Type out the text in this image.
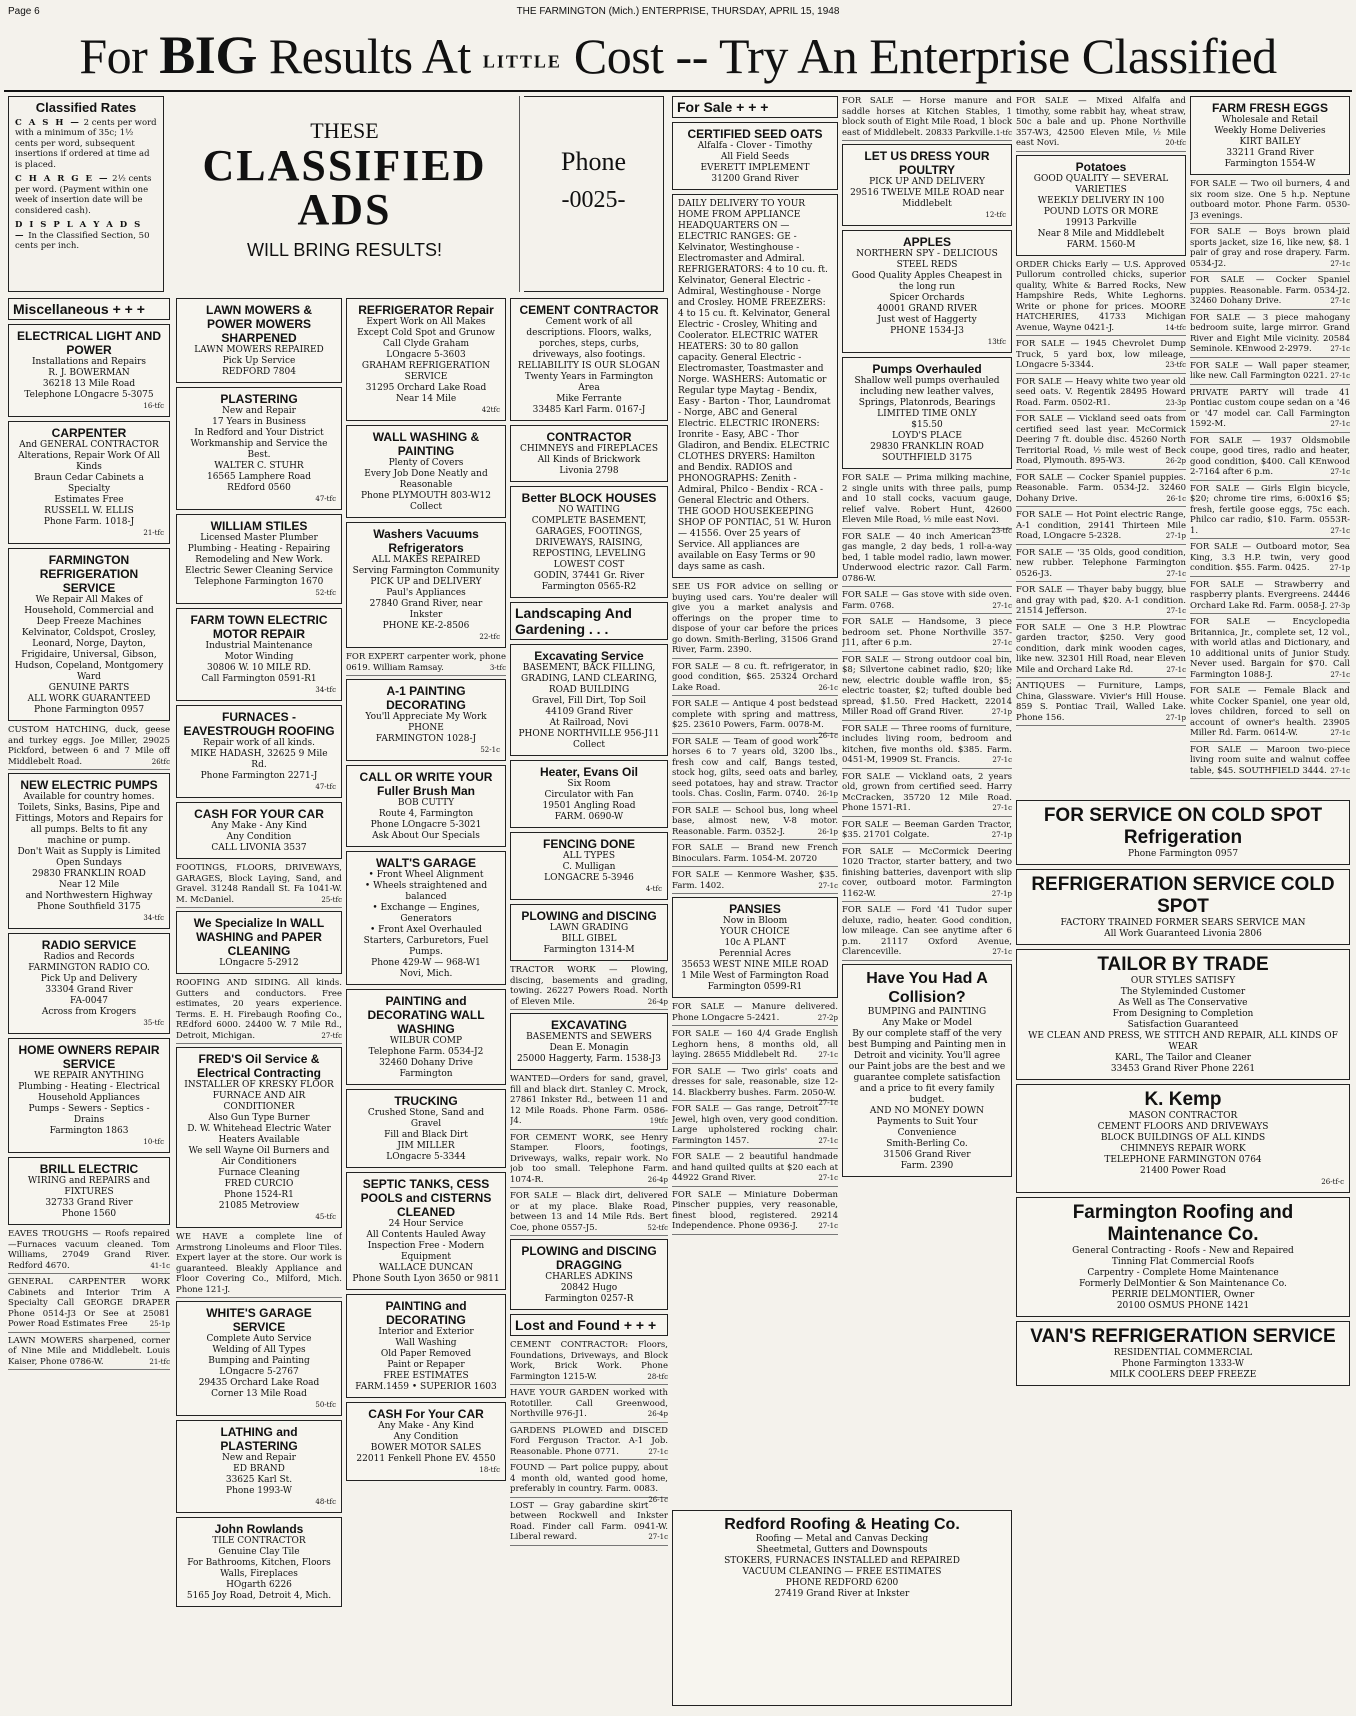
Page 6	THE FARMINGTON (Mich.) ENTERPRISE, THURSDAY, APRIL 15, 1948
For BIG Results At LITTLE Cost -- Try An Enterprise Classified
Classified Rates
C A S H — 2 cents per word with a minimum of 35c; 1½ cents per word, subsequent insertions if ordered at time ad is placed.
C H A R G E — 2½ cents per word. (Payment within one week of insertion date will be considered cash).
D I S P L A Y A D S — In the Classified Section, 50 cents per inch.
THESE
CLASSIFIED
ADS
WILL BRING RESULTS!
Phone
-0025-
Miscellaneous + + +
ELECTRICAL LIGHT AND POWER
Installations and Repairs
R. J. BOWERMAN
36218 13 Mile Road
Telephone LOngacre 5-3075
16-tfc
CARPENTER
And GENERAL CONTRACTOR
Alterations, Repair Work Of All Kinds
Braun Cedar Cabinets a Specialty
Estimates Free
RUSSELL W. ELLIS
Phone Farm. 1018-J
21-tfc
FARMINGTON REFRIGERATION SERVICE
We Repair All Makes of Household, Commercial and Deep Freeze Machines
Kelvinator, Coldspot, Crosley, Leonard, Norge, Dayton, Frigidaire, Universal, Gibson, Hudson, Copeland, Montgomery Ward
GENUINE PARTS
ALL WORK GUARANTEED
Phone Farmington 0957
CUSTOM HATCHING, duck, geese and turkey eggs. Joe Miller, 29025 Pickford, between 6 and 7 Mile off Middlebelt Road.	26tfc
NEW ELECTRIC PUMPS
Available for country homes. Toilets, Sinks, Basins, Pipe and Fittings, Motors and Repairs for all pumps. Belts to fit any machine or pump.
Don't Wait as Supply is Limited
Open Sundays
29830 FRANKLIN ROAD
Near 12 Mile
and Northwestern Highway
Phone Southfield 3175
34-tfc
RADIO SERVICE
Radios and Records
FARMINGTON RADIO CO.
Pick Up and Delivery
33304 Grand River
FA-0047
Across from Krogers
35-tfc
HOME OWNERS REPAIR SERVICE
WE REPAIR ANYTHING
Plumbing - Heating - Electrical
Household Appliances
Pumps - Sewers - Septics - Drains
Farmington 1863
10-tfc
BRILL ELECTRIC
WIRING and REPAIRS and FIXTURES
32733 Grand River
Phone 1560
EAVES TROUGHS — Roofs repaired—Furnaces vacuum cleaned. Tom Williams, 27049 Grand River. Redford 4670.	41-1c
GENERAL CARPENTER WORK Cabinets and Interior Trim A Specialty Call GEORGE DRAPER Phone 0514-J3 Or See at 25081 Power Road Estimates Free	25-1p
LAWN MOWERS sharpened, corner of Nine Mile and Middlebelt. Louis Kaiser, Phone 0786-W.	21-tfc
LAWN MOWERS & POWER MOWERS SHARPENED
LAWN MOWERS REPAIRED
Pick Up Service
REDFORD 7804
PLASTERING
New and Repair
17 Years in Business
In Redford and Your District
Workmanship and Service the Best.
WALTER C. STUHR
16565 Lamphere Road
REdford 0560
47-tfc
WILLIAM STILES
Licensed Master Plumber
Plumbing - Heating - Repairing
Remodeling and New Work.
Electric Sewer Cleaning Service
Telephone Farmington 1670
52-tfc
FARM TOWN ELECTRIC MOTOR REPAIR
Industrial Maintenance
Motor Winding
30806 W. 10 MILE RD.
Call Farmington 0591-R1
34-tfc
FURNACES - EAVESTROUGH ROOFING
Repair work of all kinds.
MIKE HADASH, 32625 9 Mile Rd.
Phone Farmington 2271-J
47-tfc
CASH FOR YOUR CAR
Any Make - Any Kind
Any Condition
CALL LIVONIA 3537
FOOTINGS, FLOORS, DRIVEWAYS, GARAGES, Block Laying, Sand, and Gravel. 31248 Randall St. Fa 1041-W. M. McDaniel.	25-tfc
We Specialize In WALL WASHING and PAPER CLEANING
LOngacre 5-2912
ROOFING AND SIDING. All kinds. Gutters and conductors. Free estimates, 20 years experience. Terms. E. H. Firebaugh Roofing Co., REdford 6000. 24400 W. 7 Mile Rd., Detroit, Michigan.	27-tfc
FRED'S Oil Service & Electrical Contracting
INSTALLER OF KRESKY FLOOR FURNACE AND AIR CONDITIONER
Also Gun Type Burner
D. W. Whitehead Electric Water Heaters Available
We sell Wayne Oil Burners and Air Conditioners
Furnace Cleaning
FRED CURCIO
Phone 1524-R1
21085 Metroview
45-tfc
WE HAVE a complete line of Armstrong Linoleums and Floor Tiles. Expert layer at the store. Our work is guaranteed. Bleakly Appliance and Floor Covering Co., Milford, Mich. Phone 121-J.
WHITE'S GARAGE SERVICE
Complete Auto Service
Welding of All Types
Bumping and Painting
LOngacre 5-2767
29435 Orchard Lake Road
Corner 13 Mile Road
50-tfc
LATHING and PLASTERING
New and Repair
ED BRAND
33625 Karl St.
Phone 1993-W
48-tfc
John Rowlands
TILE CONTRACTOR
Genuine Clay Tile
For Bathrooms, Kitchen, Floors Walls, Fireplaces
HOgarth 6226
5165 Joy Road, Detroit 4, Mich.
REFRIGERATOR Repair
Expert Work on All Makes
Except Cold Spot and Grunow
Call Clyde Graham
LOngacre 5-3603
GRAHAM REFRIGERATION SERVICE
31295 Orchard Lake Road
Near 14 Mile
42tfc
WALL WASHING & PAINTING
Plenty of Covers
Every Job Done Neatly and Reasonable
Phone PLYMOUTH 803-W12
Collect
Washers Vacuums Refrigerators
ALL MAKES REPAIRED
Serving Farmington Community
PICK UP and DELIVERY
Paul's Appliances
27840 Grand River, near Inkster
PHONE KE-2-8506
22-tfc
FOR EXPERT carpenter work, phone 0619. William Ramsay.	3-tfc
A-1 PAINTING DECORATING
You'll Appreciate My Work
PHONE
FARMINGTON 1028-J
52-1c
CALL OR WRITE YOUR Fuller Brush Man
BOB CUTTY
Route 4, Farmington
Phone LOngacre 5-3021
Ask About Our Specials
WALT'S GARAGE
• Front Wheel Alignment
• Wheels straightened and balanced
• Exchange — Engines, Generators
• Front Axel Overhauled Starters, Carburetors, Fuel Pumps.
Phone 429-W — 968-W1
Novi, Mich.
PAINTING and DECORATING WALL WASHING
WILBUR COMP
Telephone Farm. 0534-J2
32460 Dohany Drive
Farmington
TRUCKING
Crushed Stone, Sand and Gravel
Fill and Black Dirt
JIM MILLER
LOngacre 5-3344
SEPTIC TANKS, CESS POOLS and CISTERNS CLEANED
24 Hour Service
All Contents Hauled Away
Inspection Free - Modern Equipment
WALLACE DUNCAN
Phone South Lyon 3650 or 9811
PAINTING and DECORATING
Interior and Exterior
Wall Washing
Old Paper Removed
Paint or Repaper
FREE ESTIMATES
FARM.1459 • SUPERIOR 1603
CASH For Your CAR
Any Make - Any Kind
Any Condition
BOWER MOTOR SALES
22011 Fenkell Phone EV. 4550
18-tfc
CEMENT CONTRACTOR
Cement work of all descriptions. Floors, walks, porches, steps, curbs, driveways, also footings.
RELIABILITY IS OUR SLOGAN
Twenty Years in Farmington Area
Mike Ferrante
33485 Karl Farm. 0167-J
CONTRACTOR
CHIMNEYS and FIREPLACES
All Kinds of Brickwork
Livonia 2798
Better BLOCK HOUSES
NO WAITING
COMPLETE BASEMENT, GARAGES, FOOTINGS, DRIVEWAYS, RAISING, REPOSTING, LEVELING
LOWEST COST
GODIN, 37441 Gr. River
Farmington 0565-R2
Landscaping And Gardening . . .
Excavating Service
BASEMENT, BACK FILLING, GRADING, LAND CLEARING, ROAD BUILDING
Gravel, Fill Dirt, Top Soil
44109 Grand River
At Railroad, Novi
PHONE NORTHVILLE 956-J11
Collect
Heater, Evans Oil
Six Room
Circulator with Fan
19501 Angling Road
FARM. 0690-W
FENCING DONE
ALL TYPES
C. Mulligan
LONGACRE 5-3946
4-tfc
PLOWING and DISCING
LAWN GRADING
BILL GIBEL
Farmington 1314-M
TRACTOR WORK — Plowing, discing, basements and grading, towing. 26227 Powers Road. North of Eleven Mile.	26-4p
EXCAVATING
BASEMENTS and SEWERS
Dean E. Monagin
25000 Haggerty, Farm. 1538-J3
WANTED—Orders for sand, gravel, fill and black dirt. Stanley C. Mrock, 27861 Inkster Rd., between 11 and 12 Mile Roads. Phone Farm. 0586-J4.	19tfc
FOR CEMENT WORK, see Henry Stamper. Floors, footings, Driveways, walks, repair work. No job too small. Telephone Farm. 1074-R.	26-4p
FOR SALE — Black dirt, delivered or at my place. Blake Road, between 13 and 14 Mile Rds. Bert Coe, phone 0557-J5.	52-tfc
PLOWING and DISCING DRAGGING
CHARLES ADKINS
20842 Hugo
Farmington 0257-R
Lost and Found + + +
CEMENT CONTRACTOR: Floors, Foundations, Driveways, and Block Work, Brick Work. Phone Farmington 1215-W.	28-tfc
HAVE YOUR GARDEN worked with Rototiller. Call Greenwood, Northville 976-J1.	26-4p
GARDENS PLOWED and DISCED Ford Ferguson Tractor. A-1 Job. Reasonable. Phone 0771.	27-1c
FOUND — Part police puppy, about 4 month old, wanted good home, preferably in country. Farm. 0083.
26-1c
LOST — Gray gabardine skirt between Rockwell and Inkster Road. Finder call Farm. 0941-W. Liberal reward.	27-1c
For Sale + + +
CERTIFIED SEED OATS
Alfalfa - Clover - Timothy
All Field Seeds
EVERETT IMPLEMENT
31200 Grand River
DAILY DELIVERY TO YOUR HOME FROM APPLIANCE HEADQUARTERS ON — ELECTRIC RANGES: GE - Kelvinator, Westinghouse - Electromaster and Admiral. REFRIGERATORS: 4 to 10 cu. ft. Kelvinator, General Electric - Admiral, Westinghouse - Norge and Crosley. HOME FREEZERS: 4 to 15 cu. ft. Kelvinator, General Electric - Crosley, Whiting and Coolerator. ELECTRIC WATER HEATERS: 30 to 80 gallon capacity. General Electric - Electromaster, Toastmaster and Norge. WASHERS: Automatic or Regular type Maytag - Bendix, Easy - Barton - Thor, Laundromat - Norge, ABC and General Electric. ELECTRIC IRONERS: Ironrite - Easy, ABC - Thor Gladiron, and Bendix. ELECTRIC CLOTHES DRYERS: Hamilton and Bendix. RADIOS and PHONOGRAPHS: Zenith - Admiral, Philco - Bendix - RCA - General Electric and Others. THE GOOD HOUSEKEEPING SHOP OF PONTIAC, 51 W. Huron — 41556. Over 25 years of Service. All appliances are available on Easy Terms or 90 days same as cash.
SEE US FOR advice on selling or buying used cars. You're dealer will give you a market analysis and offerings on the proper time to dispose of your car before the prices go down. Smith-Berling, 31506 Grand River, Farm. 2390.
FOR SALE — 8 cu. ft. refrigerator, in good condition, $65. 25324 Orchard Lake Road.	26-1c
FOR SALE — Antique 4 post bedstead complete with spring and mattress, $25. 23610 Powers, Farm. 0078-M.
26-1c
FOR SALE — Team of good work horses 6 to 7 years old, 3200 lbs., fresh cow and calf, Bangs tested, stock hog, gilts, seed oats and barley, seed potatoes, hay and straw. Tractor tools. Chas. Coslin, Farm. 0740. 26-1p
FOR SALE — School bus, long wheel base, almost new, V-8 motor. Reasonable. Farm. 0352-J.	26-1p
FOR SALE — Brand new French Binoculars. Farm. 1054-M. 20720
FOR SALE — Kenmore Washer, $35. Farm. 1402.	27-1c
PANSIES
Now in Bloom
YOUR CHOICE
10c A PLANT
Perennial Acres
35653 WEST NINE MILE ROAD
1 Mile West of Farmington Road
Farmington 0599-R1
FOR SALE — Manure delivered. Phone LOngacre 5-2421.	27-2p
FOR SALE — 160 4/4 Grade English Leghorn hens, 8 months old, all laying. 28655 Middlebelt Rd.	27-1c
FOR SALE — Two girls' coats and dresses for sale, reasonable, size 12-14. Blackberry bushes. Farm. 2050-W.
27-1c
FOR SALE — Gas range, Detroit Jewel, high oven, very good condition. Large upholstered rocking chair. Farmington 1457.	27-1c
FOR SALE — 2 beautiful handmade and hand quilted quilts at $20 each at 44922 Grand River.	27-1c
FOR SALE — Miniature Doberman Pinscher puppies, very reasonable, finest blood, registered. 29214 Independence. Phone 0936-J.	27-1c
FOR SALE — Horse manure and saddle horses at Kitchen Stables, 1 block south of Eight Mile Road, 1 block east of Middlebelt. 20833 Parkville. 1-tfc
LET US DRESS YOUR POULTRY
PICK UP AND DELIVERY
29516 TWELVE MILE ROAD near Middlebelt
12-tfc
APPLES
NORTHERN SPY - DELICIOUS STEEL REDS
Good Quality Apples Cheapest in the long run
Spicer Orchards
40001 GRAND RIVER
Just west of Haggerty
PHONE 1534-J3
13tfc
Pumps Overhauled
Shallow well pumps overhauled including new leather valves, Springs, Platonrods, Bearings
LIMITED TIME ONLY
$15.50
LOYD'S PLACE
29830 FRANKLIN ROAD
SOUTHFIELD 3175
FOR SALE — Prima milking machine, 2 single units with three pails, pump and 10 stall cocks, vacuum gauge, relief valve. Robert Hunt, 42600 Eleven Mile Road, ½ mile east Novi.
23-tfc
FOR SALE — 40 inch American gas mangle, 2 day beds, 1 roll-a-way bed, 1 table model radio, lawn mower. Underwood electric razor. Call Farm. 0786-W.
FOR SALE — Gas stove with side oven. Farm. 0768.	27-1c
FOR SALE — Handsome, 3 piece bedroom set. Phone Northville 357-J11, after 6 p.m.	27-1c
FOR SALE — Strong outdoor coal bin, $8; Silvertone cabinet radio, $20; like new, electric double waffle iron, $5; electric toaster, $2; tufted double bed spread, $1.50. Fred Hackett, 22014 Miller Road off Grand River.	27-1p
FOR SALE — Three rooms of furniture, includes living room, bedroom and kitchen, five months old. $385. Farm. 0451-M, 19909 St. Francis.	27-1c
FOR SALE — Vickland oats, 2 years old, grown from certified seed. Harry McCracken, 35720 12 Mile Road. Phone 1571-R1.	27-1c
FOR SALE — Beeman Garden Tractor, $35. 21701 Colgate.	27-1p
FOR SALE — McCormick Deering 1020 Tractor, starter battery, and two finishing batteries, davenport with slip cover, outboard motor. Farmington 1162-W.	27-1p
FOR SALE — Ford '41 Tudor super deluxe, radio, heater. Good condition, low mileage. Can see anytime after 6 p.m. 21117 Oxford Avenue, Clarenceville.	27-1c
Have You Had A Collision?
BUMPING and PAINTING
Any Make or Model
By our complete staff of the very best Bumping and Painting men in Detroit and vicinity. You'll agree our Paint jobs are the best and we guarantee complete satisfaction and a price to fit every family budget.
AND NO MONEY DOWN
Payments to Suit Your Convenience
Smith-Berling Co.
31506 Grand River
Farm. 2390
FOR SALE — Mixed Alfalfa and timothy, some rabbit hay, wheat straw, 50c a bale and up. Phone Northville 357-W3, 42500 Eleven Mile, ½ Mile east Novi.	20-tfc
Potatoes
GOOD QUALITY — SEVERAL VARIETIES
WEEKLY DELIVERY IN 100 POUND LOTS OR MORE
19913 Parkville
Near 8 Mile and Middlebelt
FARM. 1560-M
ORDER Chicks Early — U.S. Approved Pullorum controlled chicks, superior quality, White & Barred Rocks, New Hampshire Reds, White Leghorns. Write or phone for prices. MOORE HATCHERIES, 41733 Michigan Avenue, Wayne 0421-J.	14-tfc
FOR SALE — 1945 Chevrolet Dump Truck, 5 yard box, low mileage, LOngacre 5-3344.	23-tfc
FOR SALE — Heavy white two year old seed oats. V. Regentik 28495 Howard Road. Farm. 0502-R1.	23-3p
FOR SALE — Vickland seed oats from certified seed last year. McCormick Deering 7 ft. double disc. 45260 North Territorial Road, ½ mile west of Beck Road, Plymouth. 895-W3.	26-2p
FOR SALE — Cocker Spaniel puppies. Reasonable. Farm. 0534-J2. 32460 Dohany Drive.	26-1c
FOR SALE — Hot Point electric Range, A-1 condition, 29141 Thirteen Mile Road, LOngacre 5-2328.	27-1p
FOR SALE — '35 Olds, good condition, new rubber. Telephone Farmington 0526-J3.	27-1c
FOR SALE — Thayer baby buggy, blue and gray with pad, $20. A-1 condition. 21514 Jefferson.	27-1c
FOR SALE — One 3 H.P. Plowtrac garden tractor, $250. Very good condition, dark mink wooden cages, like new. 32301 Hill Road, near Eleven Mile and Orchard Lake Rd.	27-1c
ANTIQUES — Furniture, Lamps, China, Glassware. Vivier's Hill House. 859 S. Pontiac Trail, Walled Lake. Phone 156.	27-1p
FARM FRESH EGGS
Wholesale and Retail
Weekly Home Deliveries
KIRT BAILEY
33211 Grand River
Farmington 1554-W
FOR SALE — Two oil burners, 4 and six room size. One 5 h.p. Neptune outboard motor. Phone Farm. 0530-J3 evenings.
FOR SALE — Boys brown plaid sports jacket, size 16, like new, $8. 1 pair of gray and rose drapery. Farm. 0534-J2.	27-1c
FOR SALE — Cocker Spaniel puppies. Reasonable. Farm. 0534-J2. 32460 Dohany Drive.	27-1c
FOR SALE — 3 piece mahogany bedroom suite, large mirror. Grand River and Eight Mile vicinity. 20584 Seminole. KEnwood 2-2979.	27-1c
FOR SALE — Wall paper steamer, like new. Call Farmington 0221. 27-1c
PRIVATE PARTY will trade 41 Pontiac custom coupe sedan on a '46 or '47 model car. Call Farmington 1592-M.	27-1c
FOR SALE — 1937 Oldsmobile coupe, good tires, radio and heater, good condition, $400. Call KEnwood 2-7164 after 6 p.m.	27-1c
FOR SALE — Girls Elgin bicycle, $20; chrome tire rims, 6:00x16 $5; fresh, fertile goose eggs, 75c each. Philco car radio, $10. Farm. 0553R-1.	27-1c
FOR SALE — Outboard motor, Sea King, 3.3 H.P. twin, very good condition. $55. Farm. 0425.	27-1p
FOR SALE — Strawberry and raspberry plants. Evergreens. 24446 Orchard Lake Rd. Farm. 0058-J. 27-3p
FOR SALE — Encyclopedia Britannica, Jr., complete set, 12 vol., with world atlas and Dictionary, and 10 additional units of Junior Study. Never used. Bargain for $70. Call Farmington 1088-J.	27-1c
FOR SALE — Female Black and white Cocker Spaniel, one year old, loves children, forced to sell on account of owner's health. 23905 Miller Rd. Farm. 0614-W.	27-1c
FOR SALE — Maroon two-piece living room suite and walnut coffee table, $45. SOUTHFIELD 3444. 27-1c
FOR SERVICE ON COLD SPOT Refrigeration
Phone Farmington 0957
REFRIGERATION SERVICE COLD SPOT
FACTORY TRAINED FORMER SEARS SERVICE MAN
All Work Guaranteed Livonia 2806
TAILOR BY TRADE
OUR STYLES SATISFY
The Styleminded Customer
As Well as The Conservative
From Designing to Completion
Satisfaction Guaranteed
WE CLEAN AND PRESS, WE STITCH AND REPAIR, ALL KINDS OF WEAR
KARL, The Tailor and Cleaner
33453 Grand River Phone 2261
K. Kemp
MASON CONTRACTOR
CEMENT FLOORS AND DRIVEWAYS
BLOCK BUILDINGS OF ALL KINDS
CHIMNEYS REPAIR WORK
TELEPHONE FARMINGTON 0764
21400 Power Road
26-tf-c
Farmington Roofing and Maintenance Co.
General Contracting - Roofs - New and Repaired
Tinning Flat Commercial Roofs
Carpentry - Complete Home Maintenance
Formerly DelMontier & Son Maintenance Co.
PERRIE DELMONTIER, Owner
20100 OSMUS PHONE 1421
VAN'S REFRIGERATION SERVICE
RESIDENTIAL COMMERCIAL
Phone Farmington 1333-W
MILK COOLERS DEEP FREEZE
Redford Roofing & Heating Co.
Roofing — Metal and Canvas Decking
Sheetmetal, Gutters and Downspouts
STOKERS, FURNACES INSTALLED and REPAIRED
VACUUM CLEANING — FREE ESTIMATES
PHONE REDFORD 6200
27419 Grand River at Inkster
